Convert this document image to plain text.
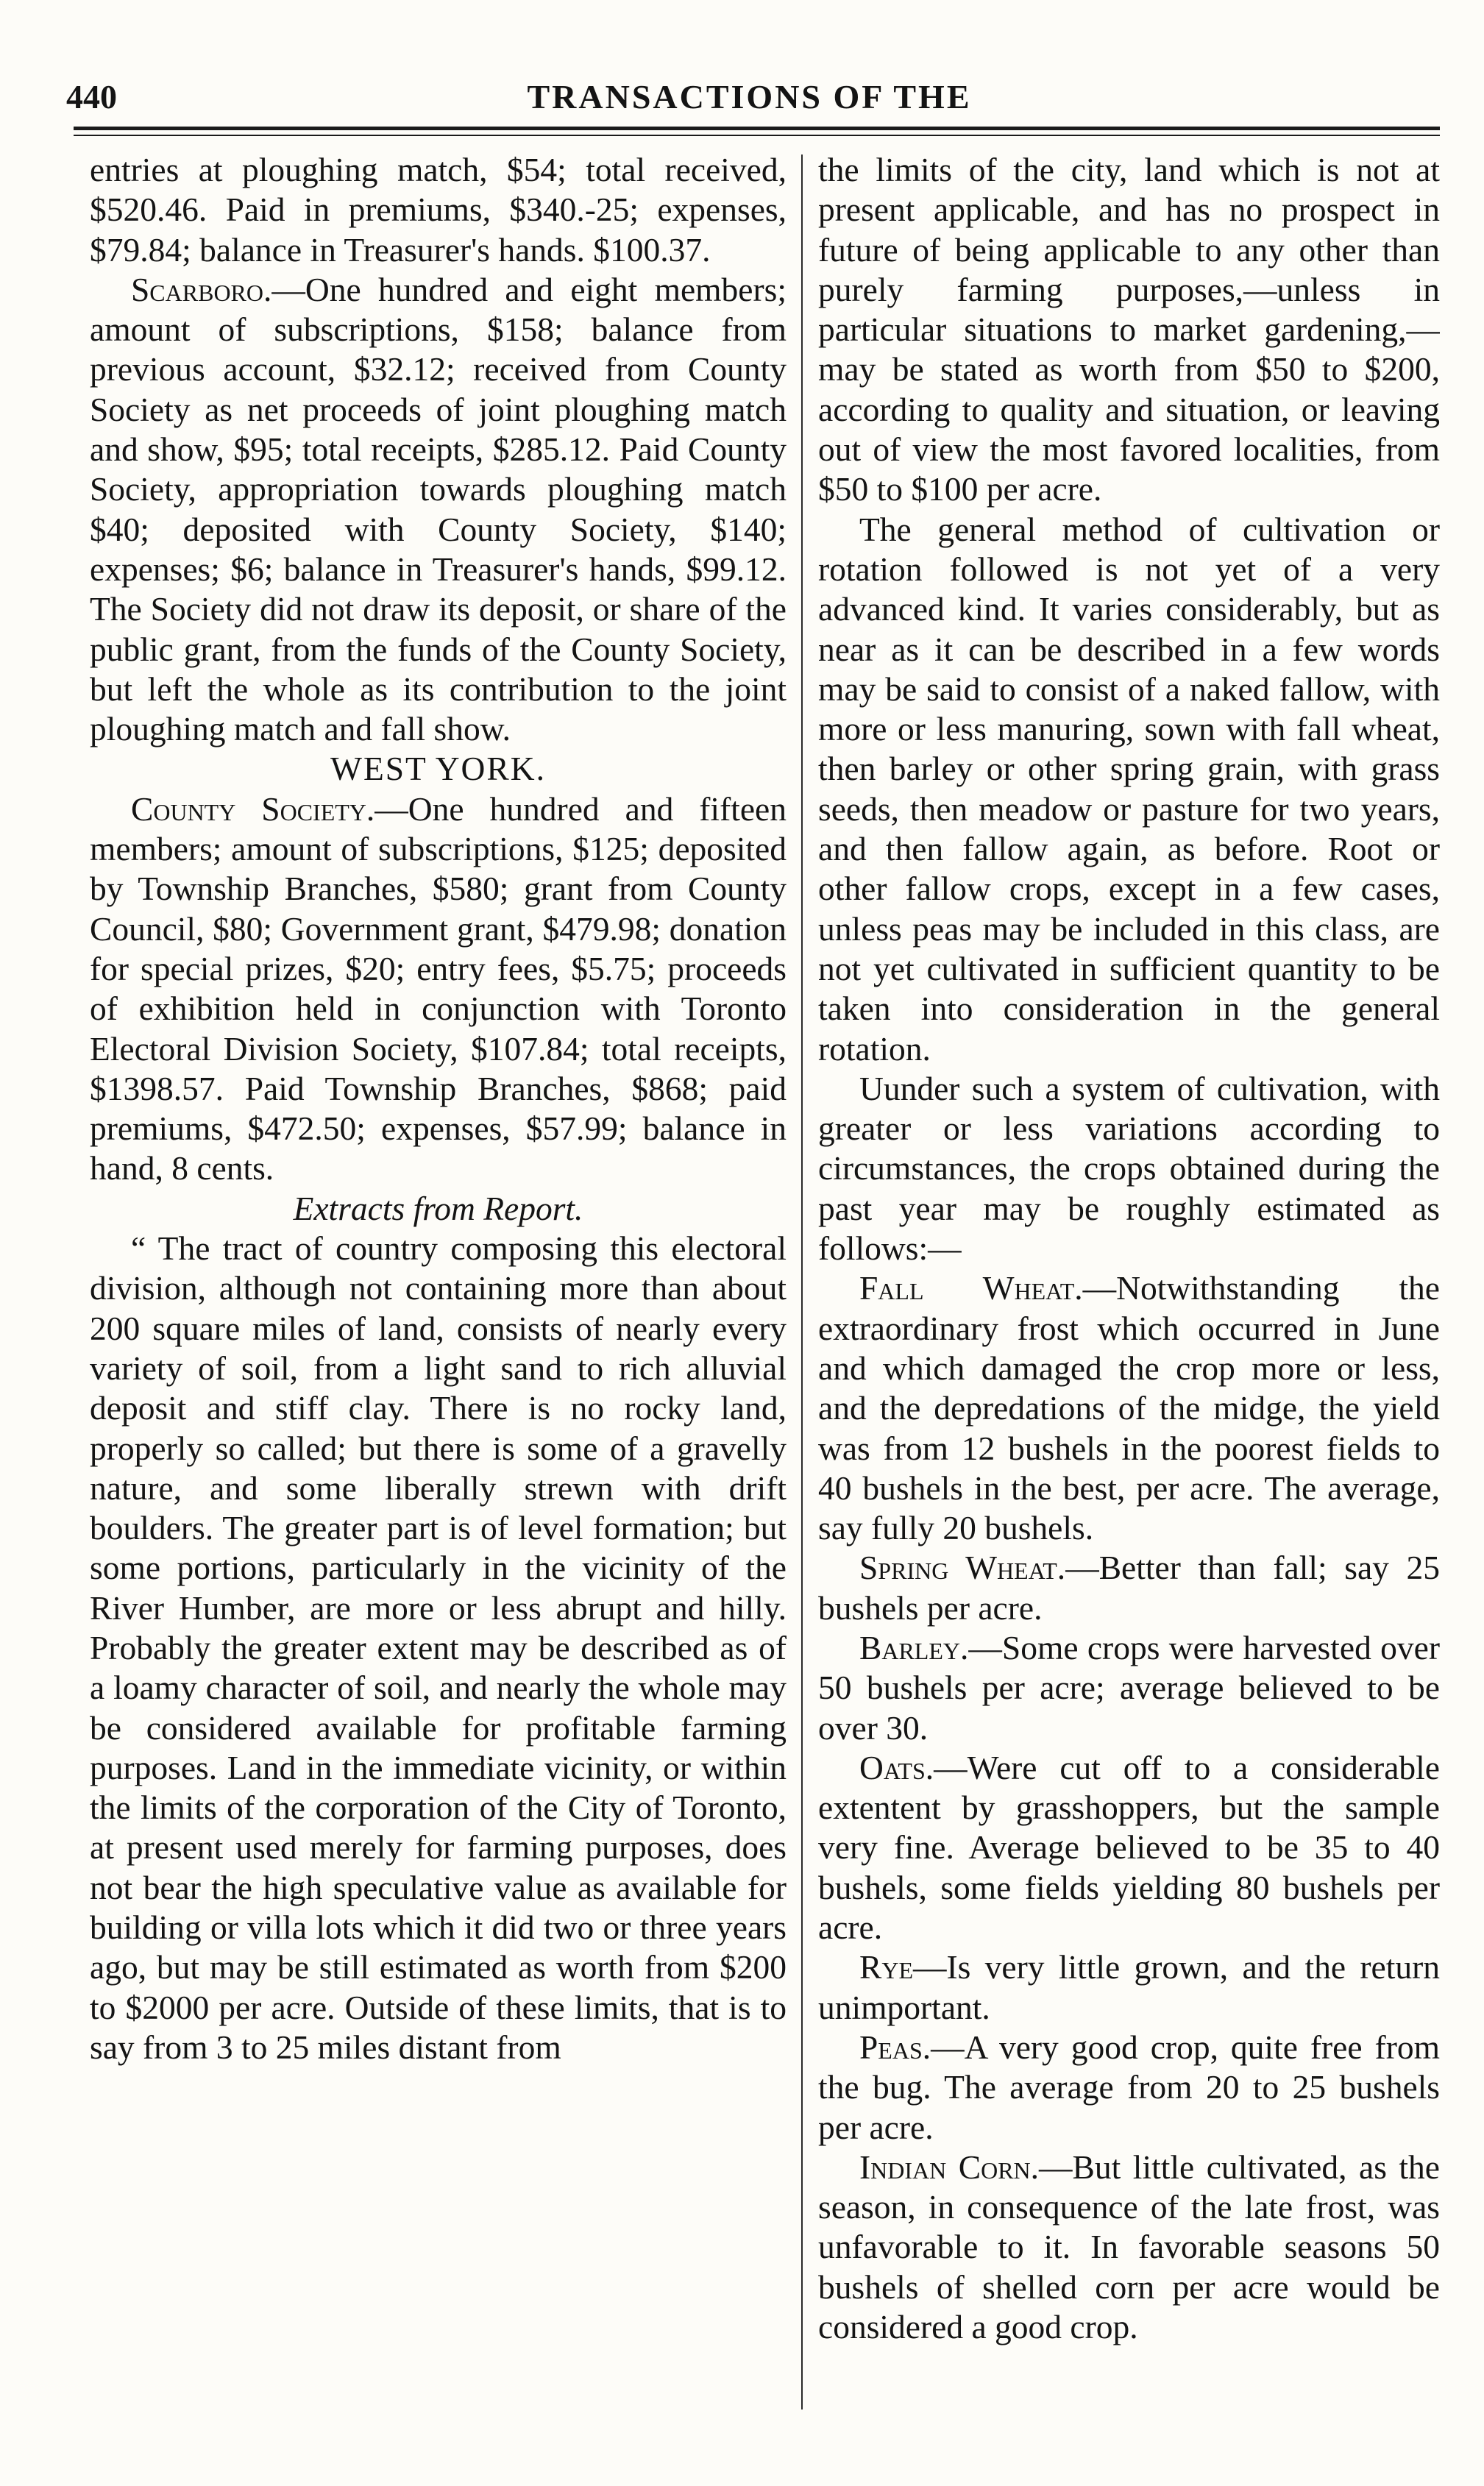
440	TRANSACTIONS OF THE

entries at ploughing match, $54; total received, $520.46. Paid in premiums, $340.-25; expenses, $79.84; balance in Treasurer's hands. $100.37.

Scarboro.—One hundred and eight members; amount of subscriptions, $158; balance from previous account, $32.12; received from County Society as net proceeds of joint ploughing match and show, $95; total receipts, $285.12. Paid County Society, appropriation towards ploughing match $40; deposited with County Society, $140; expenses; $6; balance in Treasurer's hands, $99.12. The Society did not draw its deposit, or share of the public grant, from the funds of the County Society, but left the whole as its contribution to the joint ploughing match and fall show.

WEST YORK.

County Society.—One hundred and fifteen members; amount of subscriptions, $125; deposited by Township Branches, $580; grant from County Council, $80; Government grant, $479.98; donation for special prizes, $20; entry fees, $5.75; proceeds of exhibition held in conjunction with Toronto Electoral Division Society, $107.84; total receipts, $1398.57. Paid Township Branches, $868; paid premiums, $472.50; expenses, $57.99; balance in hand, 8 cents.

Extracts from Report.

“ The tract of country composing this electoral division, although not containing more than about 200 square miles of land, consists of nearly every variety of soil, from a light sand to rich alluvial deposit and stiff clay. There is no rocky land, properly so called; but there is some of a gravelly nature, and some liberally strewn with drift boulders. The greater part is of level formation; but some portions, particularly in the vicinity of the River Humber, are more or less abrupt and hilly. Probably the greater extent may be described as of a loamy character of soil, and nearly the whole may be considered available for profitable farming purposes. Land in the immediate vicinity, or within the limits of the corporation of the City of Toronto, at present used merely for farming purposes, does not bear the high speculative value as available for building or villa lots which it did two or three years ago, but may be still estimated as worth from $200 to $2000 per acre. Outside of these limits, that is to say from 3 to 25 miles distant from

the limits of the city, land which is not at present applicable, and has no prospect in future of being applicable to any other than purely farming purposes,—unless in particular situations to market gardening,—may be stated as worth from $50 to $200, according to quality and situation, or leaving out of view the most favored localities, from $50 to $100 per acre.

The general method of cultivation or rotation followed is not yet of a very advanced kind. It varies considerably, but as near as it can be described in a few words may be said to consist of a naked fallow, with more or less manuring, sown with fall wheat, then barley or other spring grain, with grass seeds, then meadow or pasture for two years, and then fallow again, as before. Root or other fallow crops, except in a few cases, unless peas may be included in this class, are not yet cultivated in sufficient quantity to be taken into consideration in the general rotation.

Uunder such a system of cultivation, with greater or less variations according to circumstances, the crops obtained during the past year may be roughly estimated as follows:—

Fall Wheat.—Notwithstanding the extraordinary frost which occurred in June and which damaged the crop more or less, and the depredations of the midge, the yield was from 12 bushels in the poorest fields to 40 bushels in the best, per acre. The average, say fully 20 bushels.

Spring Wheat.—Better than fall; say 25 bushels per acre.

Barley.—Some crops were harvested over 50 bushels per acre; average believed to be over 30.

Oats.—Were cut off to a considerable extentent by grasshoppers, but the sample very fine. Average believed to be 35 to 40 bushels, some fields yielding 80 bushels per acre.

Rye—Is very little grown, and the return unimportant.

Peas.—A very good crop, quite free from the bug. The average from 20 to 25 bushels per acre.

Indian Corn.—But little cultivated, as the season, in consequence of the late frost, was unfavorable to it. In favorable seasons 50 bushels of shelled corn per acre would be considered a good crop.
